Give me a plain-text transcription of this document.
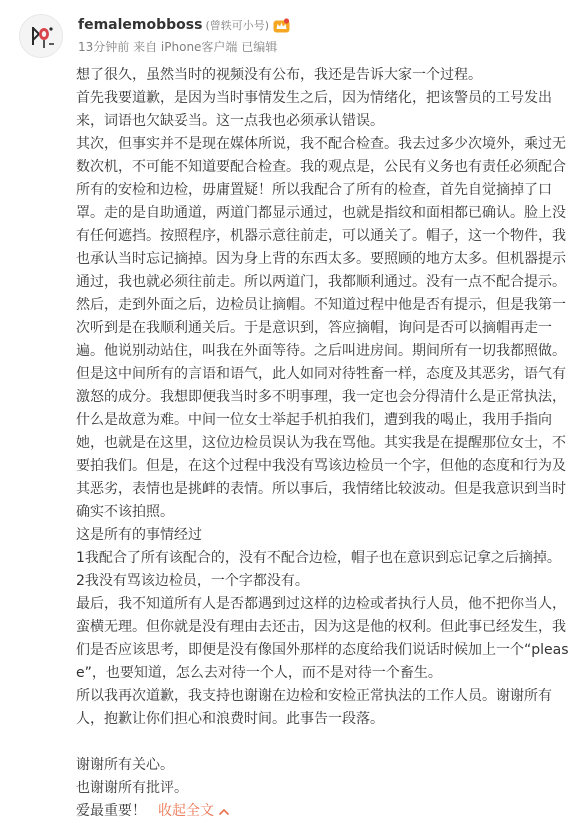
femalemobboss (曾轶可小号)
13分钟前 来自 iPhone客户端 已编辑

想了很久，虽然当时的视频没有公布，我还是告诉大家一个过程。

首先我要道歉，是因为当时事情发生之后，因为情绪化，把该警员的工号发出来，词语也欠缺妥当。这一点我也必须承认错误。

其次，但事实并不是现在媒体所说，我不配合检查。我去过多少次境外，乘过无数次机，不可能不知道要配合检查。我的观点是，公民有义务也有责任必须配合所有的安检和边检，毋庸置疑！所以我配合了所有的检查，首先自觉摘掉了口罩。走的是自助通道，两道门都显示通过，也就是指纹和面相都已确认。脸上没有任何遮挡。按照程序，机器示意往前走，可以通关了。帽子，这一个物件，我也承认当时忘记摘掉。因为身上背的东西太多。要照顾的地方太多。但机器提示通过，我也就必须往前走。所以两道门，我都顺利通过。没有一点不配合提示。然后，走到外面之后，边检员让摘帽。不知道过程中他是否有提示，但是我第一次听到是在我顺利通关后。于是意识到，答应摘帽，询问是否可以摘帽再走一遍。他说别动站住，叫我在外面等待。之后叫进房间。期间所有一切我都照做。但是这中间所有的言语和语气，此人如同对待牲畜一样，态度及其恶劣，语气有激怒的成分。我想即便我当时多不明事理，我一定也会分得清什么是正常执法，什么是故意为难。中间一位女士举起手机拍我们，遭到我的喝止，我用手指向她，也就是在这里，这位边检员误认为我在骂他。其实我是在提醒那位女士，不要拍我们。但是，在这个过程中我没有骂该边检员一个字，但他的态度和行为及其恶劣，表情也是挑衅的表情。所以事后，我情绪比较波动。但是我意识到当时确实不该拍照。

这是所有的事情经过

1我配合了所有该配合的，没有不配合边检，帽子也在意识到忘记拿之后摘掉。

2我没有骂该边检员，一个字都没有。

最后，我不知道所有人是否都遇到过这样的边检或者执行人员，他不把你当人，蛮横无理。但你就是没有理由去还击，因为这是他的权利。但此事已经发生，我们是否应该思考，即便是没有像国外那样的态度给我们说话时候加上一个“please”，也要知道，怎么去对待一个人，而不是对待一个畜生。

所以我再次道歉，我支持也谢谢在边检和安检正常执法的工作人员。谢谢所有人，抱歉让你们担心和浪费时间。此事告一段落。

谢谢所有关心。

也谢谢所有批评。

爱最重要！ 收起全文
